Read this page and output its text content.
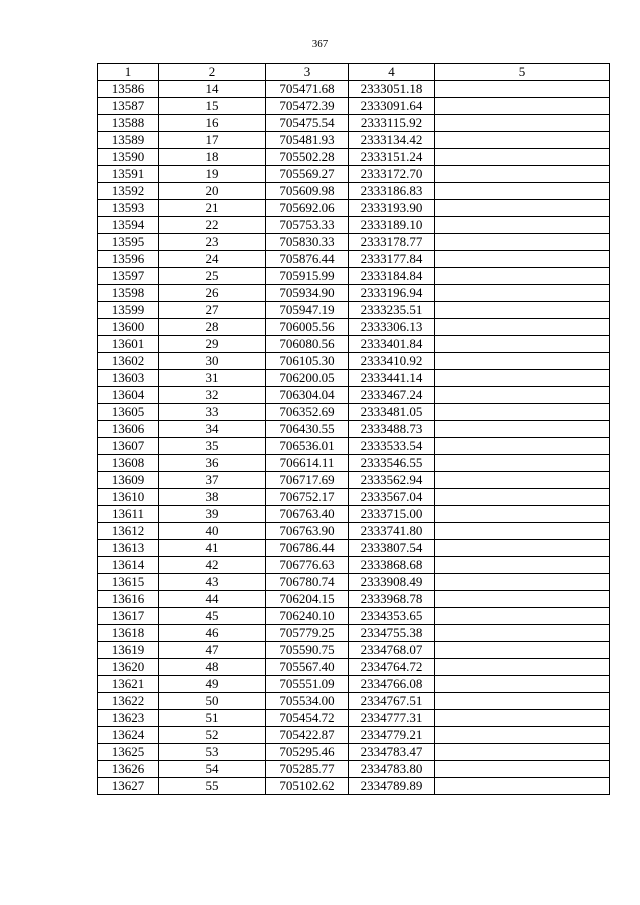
367
1	2	3	4	5
13586	14	705471.68	2333051.18	
13587	15	705472.39	2333091.64	
13588	16	705475.54	2333115.92	
13589	17	705481.93	2333134.42	
13590	18	705502.28	2333151.24	
13591	19	705569.27	2333172.70	
13592	20	705609.98	2333186.83	
13593	21	705692.06	2333193.90	
13594	22	705753.33	2333189.10	
13595	23	705830.33	2333178.77	
13596	24	705876.44	2333177.84	
13597	25	705915.99	2333184.84	
13598	26	705934.90	2333196.94	
13599	27	705947.19	2333235.51	
13600	28	706005.56	2333306.13	
13601	29	706080.56	2333401.84	
13602	30	706105.30	2333410.92	
13603	31	706200.05	2333441.14	
13604	32	706304.04	2333467.24	
13605	33	706352.69	2333481.05	
13606	34	706430.55	2333488.73	
13607	35	706536.01	2333533.54	
13608	36	706614.11	2333546.55	
13609	37	706717.69	2333562.94	
13610	38	706752.17	2333567.04	
13611	39	706763.40	2333715.00	
13612	40	706763.90	2333741.80	
13613	41	706786.44	2333807.54	
13614	42	706776.63	2333868.68	
13615	43	706780.74	2333908.49	
13616	44	706204.15	2333968.78	
13617	45	706240.10	2334353.65	
13618	46	705779.25	2334755.38	
13619	47	705590.75	2334768.07	
13620	48	705567.40	2334764.72	
13621	49	705551.09	2334766.08	
13622	50	705534.00	2334767.51	
13623	51	705454.72	2334777.31	
13624	52	705422.87	2334779.21	
13625	53	705295.46	2334783.47	
13626	54	705285.77	2334783.80	
13627	55	705102.62	2334789.89	
